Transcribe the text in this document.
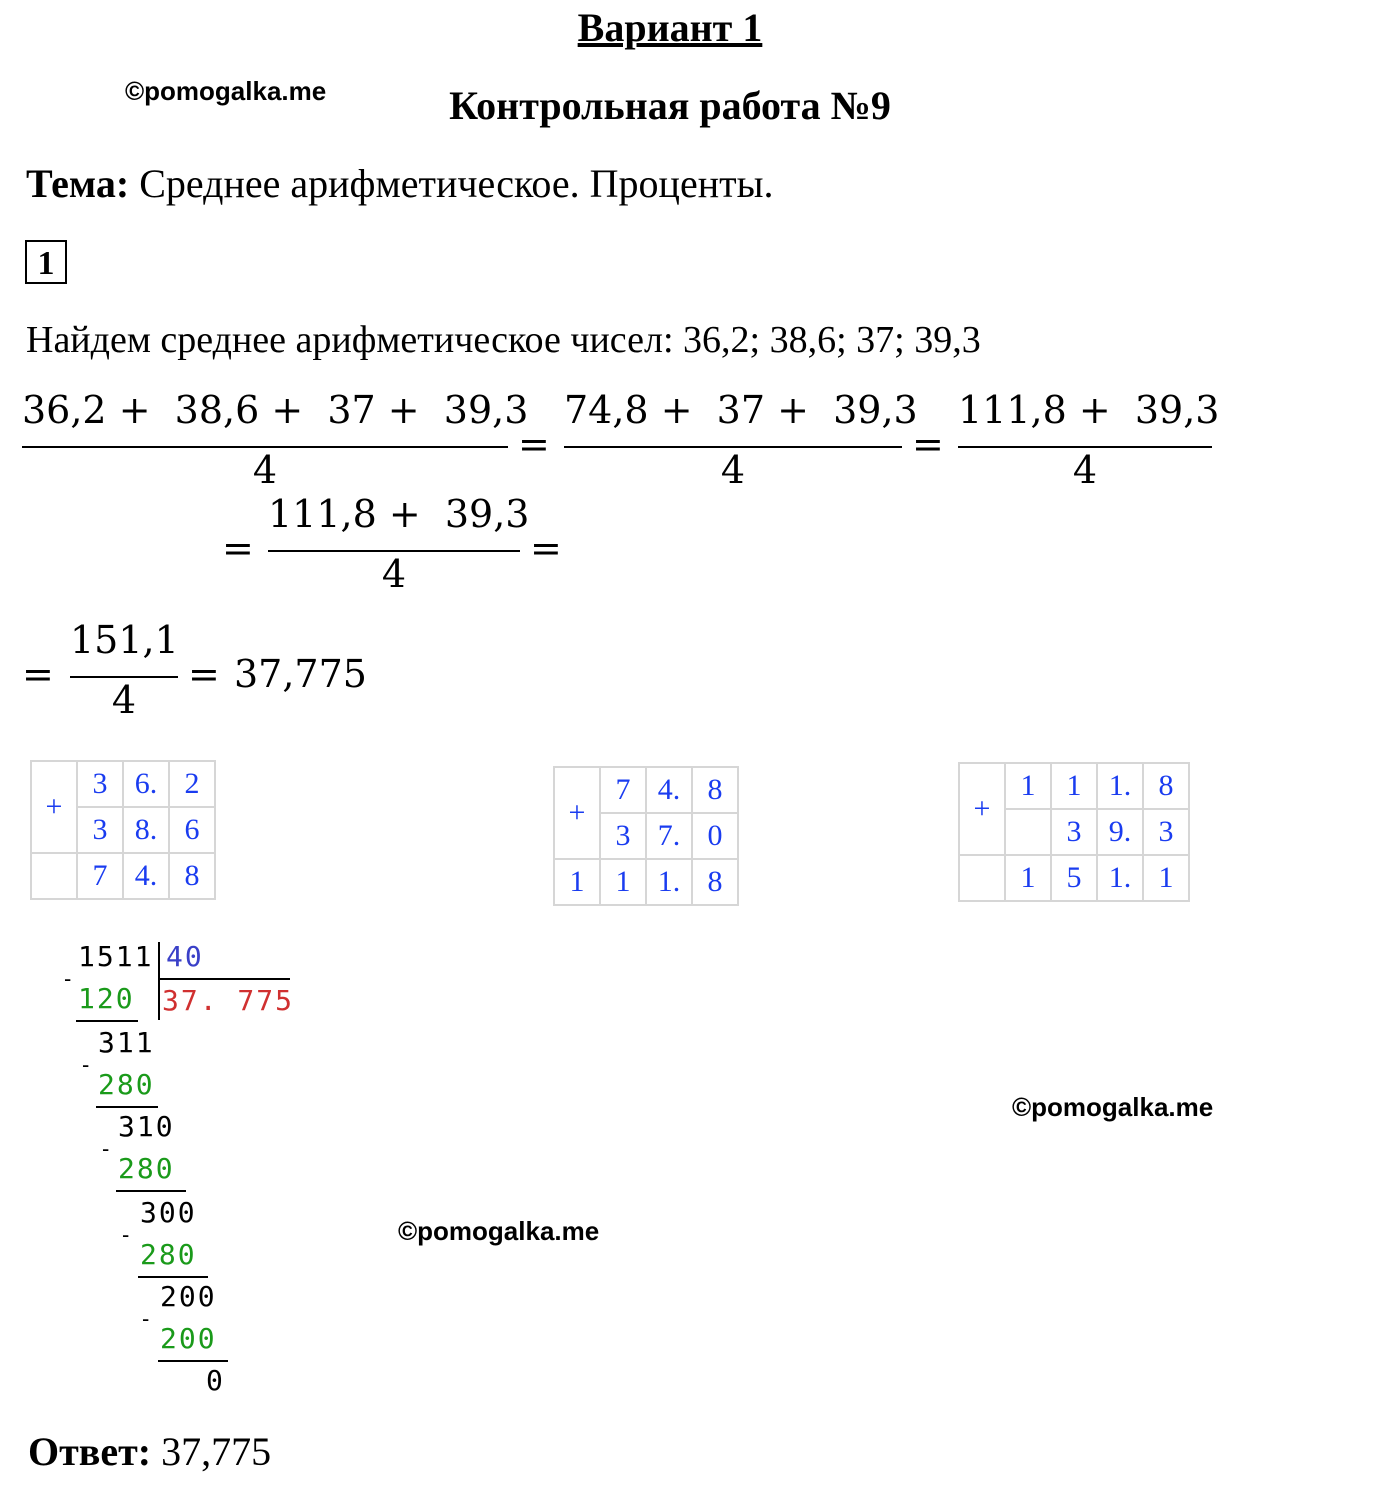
Вариант 1
©pomogalka.me	Контрольная работа №9
Тема: Среднее арифметическое. Проценты.
1
Найдем среднее арифметическое чисел: 36,2; 38,6; 37; 39,3

36,2 +  38,6 +  37 +  39,3

4

=

74,8 +  37 +  39,3

4

=

111,8 +  39,3

4

=

111,8 +  39,3

4

=
=

151,1

4

= 37,775
+	3	6.	2
	3	8.	6
	7	4.	8
+	7	4.	8
	3	7.	0
1	1	1.	8
+	1	1	1.	8
		3	9.	3
	1	5	1.	1
1511 40
37. 775
-
120
311
-
280
310
-
280
300
-
280
200
-
200
0
©pomogalka.me
©pomogalka.me
Ответ: 37,775
